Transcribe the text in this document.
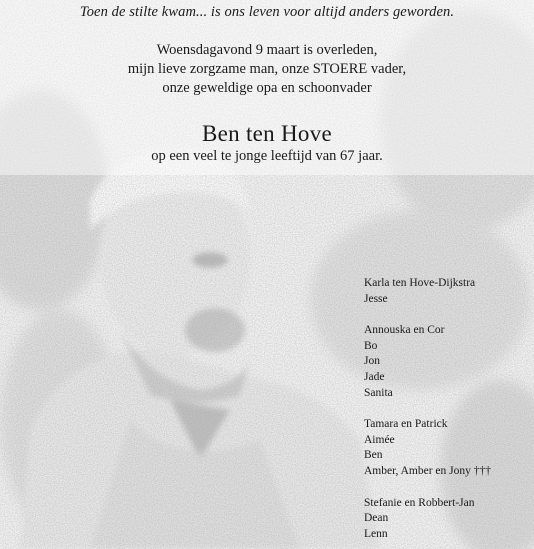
Toen de stilte kwam... is ons leven voor altijd anders geworden.
Woensdagavond 9 maart is overleden,
mijn lieve zorgzame man, onze STOERE vader,
onze geweldige opa en schoonvader
Ben ten Hove
op een veel te jonge leeftijd van 67 jaar.
Karla ten Hove-Dijkstra
Jesse
Annouska en Cor
Bo
Jon
Jade
Sanita
Tamara en Patrick
Aimée
Ben
Amber, Amber en Jony †††
Stefanie en Robbert-Jan
Dean
Lenn
